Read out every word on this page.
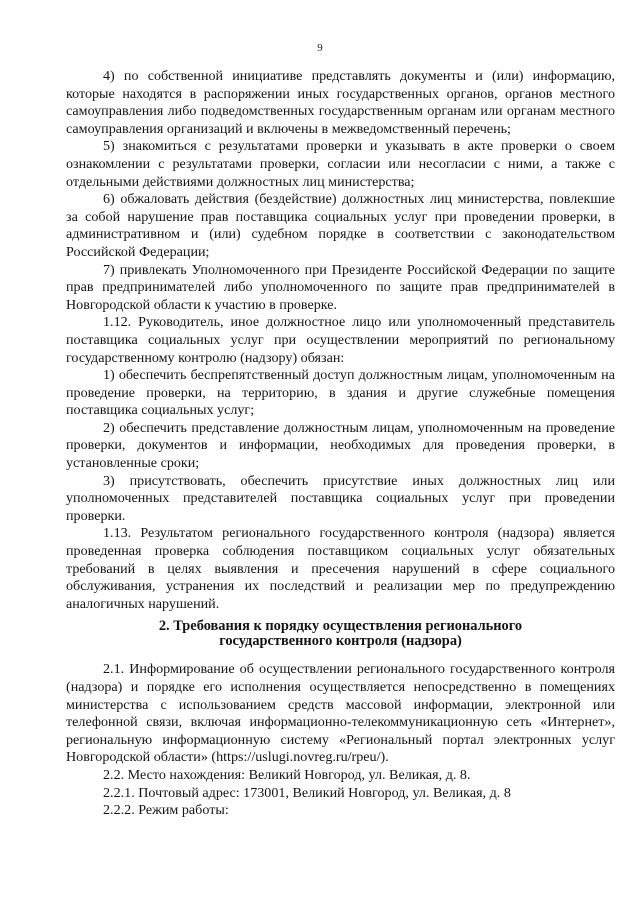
9

4) по собственной инициативе представлять документы и (или) информацию, которые находятся в распоряжении иных государственных органов, органов местного самоуправления либо подведомственных государственным органам или органам местного самоуправления организаций и включены в межведомственный перечень;

5) знакомиться с результатами проверки и указывать в акте проверки о своем ознакомлении с результатами проверки, согласии или несогласии с ними, а также с отдельными действиями должностных лиц министерства;

6) обжаловать действия (бездействие) должностных лиц министерства, повлекшие за собой нарушение прав поставщика социальных услуг при проведении проверки, в административном и (или) судебном порядке в соответствии с законодательством Российской Федерации;

7) привлекать Уполномоченного при Президенте Российской Федерации по защите прав предпринимателей либо уполномоченного по защите прав предпринимателей в Новгородской области к участию в проверке.

1.12. Руководитель, иное должностное лицо или уполномоченный представитель поставщика социальных услуг при осуществлении мероприятий по региональному государственному контролю (надзору) обязан:

1) обеспечить беспрепятственный доступ должностным лицам, уполномоченным на проведение проверки, на территорию, в здания и другие служебные помещения поставщика социальных услуг;

2) обеспечить представление должностным лицам, уполномоченным на проведение проверки, документов и информации, необходимых для проведения проверки, в установленные сроки;

3) присутствовать, обеспечить присутствие иных должностных лиц или уполномоченных представителей поставщика социальных услуг при проведении проверки.

1.13. Результатом регионального государственного контроля (надзора) является проведенная проверка соблюдения поставщиком социальных услуг обязательных требований в целях выявления и пресечения нарушений в сфере социального обслуживания, устранения их последствий и реализации мер по предупреждению аналогичных нарушений.

2. Требования к порядку осуществления регионального
государственного контроля (надзора)

2.1. Информирование об осуществлении регионального государственного контроля (надзора) и порядке его исполнения осуществляется непосредственно в помещениях министерства с использованием средств массовой информации, электронной или телефонной связи, включая информационно-телекоммуникационную сеть «Интернет», региональную информационную систему «Региональный портал электронных услуг Новгородской области» (https://uslugi.novreg.ru/rpeu/).

2.2. Место нахождения: Великий Новгород, ул. Великая, д. 8.

2.2.1. Почтовый адрес: 173001, Великий Новгород, ул. Великая, д. 8

2.2.2. Режим работы:
